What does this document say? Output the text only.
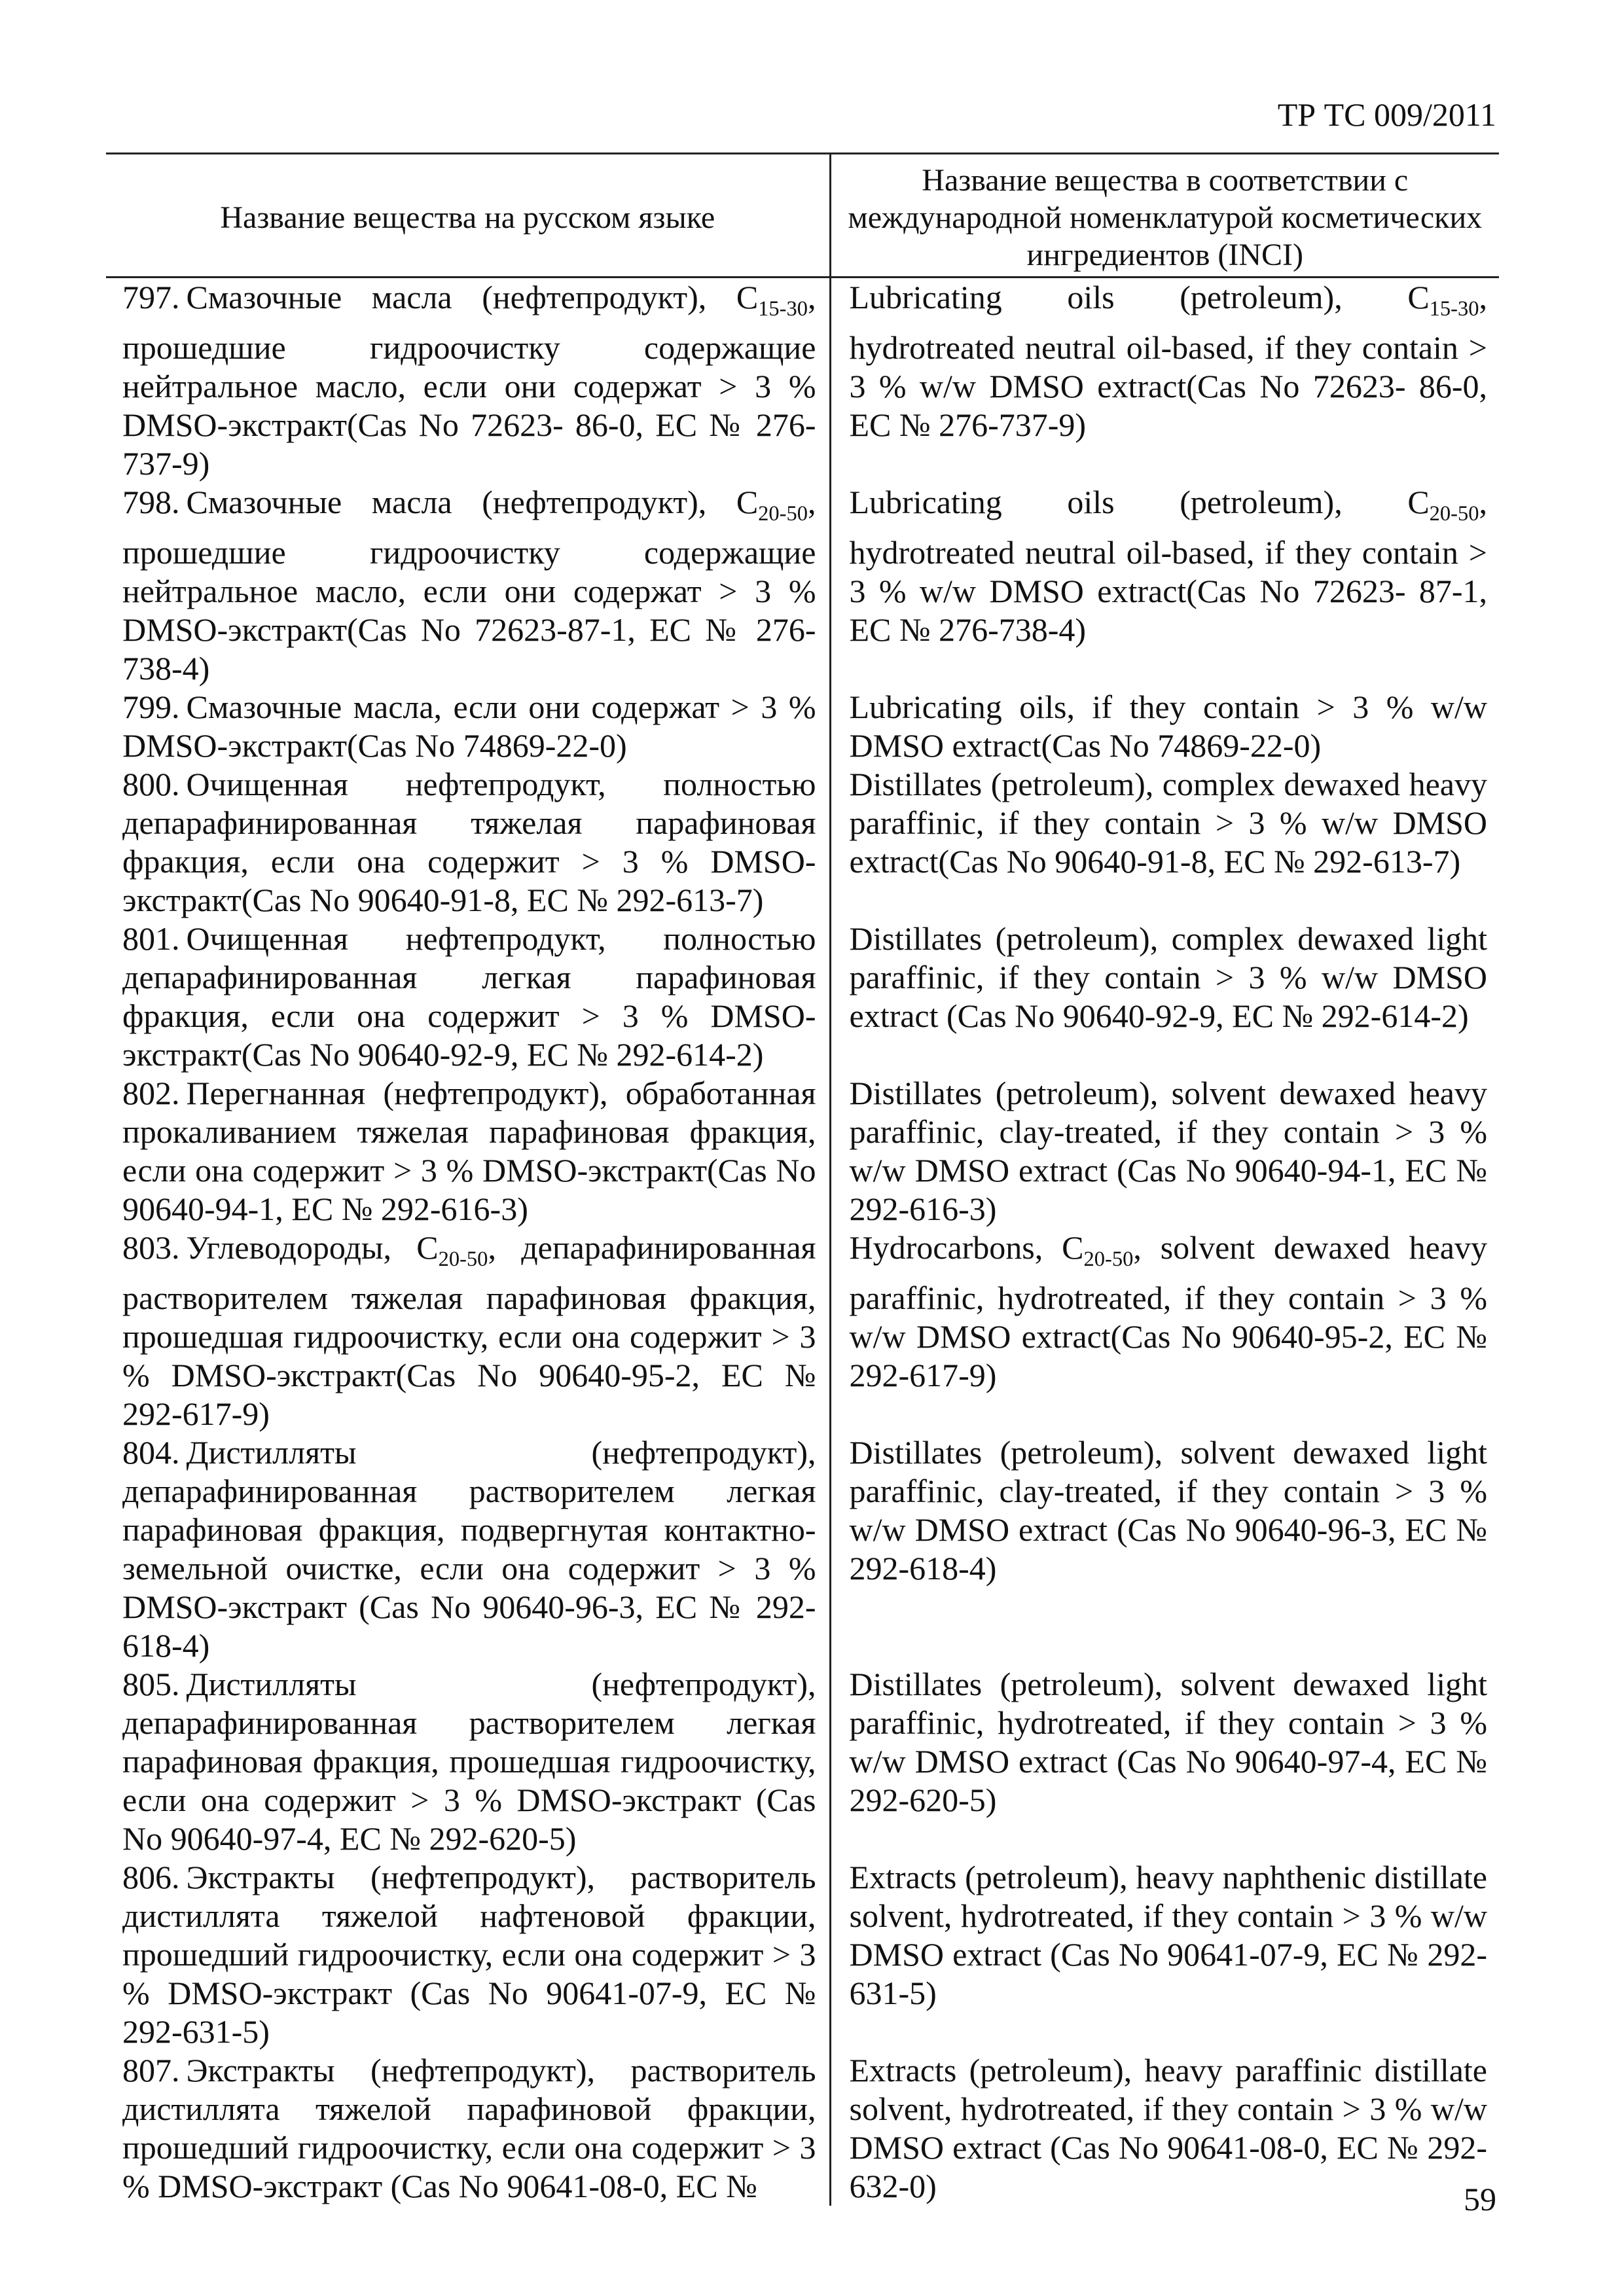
ТР ТС 009/2011
Название вещества на русском языке	Название вещества в соответствии с международной номенклатурой косметических ингредиентов (INCI)
797. Смазочные масла (нефтепродукт), $C_{15-30}$, прошедшие гидроочистку содержащие нейтральное масло, если они содержат > 3 % DMSO-экстракт(Cas No 72623- 86-0, EC № 276-737-9)	Lubricating oils (petroleum), $C_{15-30}$, hydrotreated neutral oil-based, if they contain > 3 % w/w DMSO extract(Cas No 72623- 86-0, EC № 276-737-9)
798. Смазочные масла (нефтепродукт), $C_{20-50}$, прошедшие гидроочистку содержащие нейтральное масло, если они содержат > 3 % DMSO-экстракт(Cas No 72623-87-1, EC № 276-738-4)	Lubricating oils (petroleum), $C_{20-50}$, hydrotreated neutral oil-based, if they contain > 3 % w/w DMSO extract(Cas No 72623- 87-1, EC № 276-738-4)
799. Смазочные масла, если они содержат > 3 % DMSO-экстракт(Cas No 74869-22-0)	Lubricating oils, if they contain > 3 % w/w DMSO extract(Cas No 74869-22-0)
800. Очищенная нефтепродукт, полностью депарафинированная тяжелая парафиновая фракция, если она содержит > 3 % DMSO-экстракт(Cas No 90640-91-8, EC № 292-613-7)	Distillates (petroleum), complex dewaxed heavy paraffinic, if they contain > 3 % w/w DMSO extract(Cas No 90640-91-8, EC № 292-613-7)
801. Очищенная нефтепродукт, полностью депарафинированная легкая парафиновая фракция, если она содержит > 3 % DMSO-экстракт(Cas No 90640-92-9, EC № 292-614-2)	Distillates (petroleum), complex dewaxed light paraffinic, if they contain > 3 % w/w DMSO extract (Cas No 90640-92-9, EC № 292-614-2)
802. Перегнанная (нефтепродукт), обработанная прокаливанием тяжелая парафиновая фракция, если она содержит > 3 % DMSO-экстракт(Cas No 90640-94-1, EC № 292-616-3)	Distillates (petroleum), solvent dewaxed heavy paraffinic, clay-treated, if they contain > 3 % w/w DMSO extract (Cas No 90640-94-1, EC № 292-616-3)
803. Углеводороды, $C_{20-50}$, депарафинированная растворителем тяжелая парафиновая фракция, прошедшая гидроочистку, если она содержит > 3 % DMSO-экстракт(Cas No 90640-95-2, EC № 292-617-9)	Hydrocarbons, $C_{20-50}$, solvent dewaxed heavy paraffinic, hydrotreated, if they contain > 3 % w/w DMSO extract(Cas No 90640-95-2, EC № 292-617-9)
804. Дистилляты (нефтепродукт), депарафинированная растворителем легкая парафиновая фракция, подвергнутая контактно-земельной очистке, если она содержит > 3 % DMSO-экстракт (Cas No 90640-96-3, EC № 292-618-4)	Distillates (petroleum), solvent dewaxed light paraffinic, clay-treated, if they contain > 3 % w/w DMSO extract (Cas No 90640-96-3, EC № 292-618-4)
805. Дистилляты (нефтепродукт), депарафинированная растворителем легкая парафиновая фракция, прошедшая гидроочистку, если она содержит > 3 % DMSO-экстракт (Cas No 90640-97-4, EC № 292-620-5)	Distillates (petroleum), solvent dewaxed light paraffinic, hydrotreated, if they contain > 3 % w/w DMSO extract (Cas No 90640-97-4, EC № 292-620-5)
806. Экстракты (нефтепродукт), растворитель дистиллята тяжелой нафтеновой фракции, прошедший гидроочистку, если она содержит > 3 % DMSO-экстракт (Cas No 90641-07-9, EC № 292-631-5)	Extracts (petroleum), heavy naphthenic distillate solvent, hydrotreated, if they contain > 3 % w/w DMSO extract (Cas No 90641-07-9, EC № 292-631-5)
807. Экстракты (нефтепродукт), растворитель дистиллята тяжелой парафиновой фракции, прошедший гидроочистку, если она содержит > 3 % DMSO-экстракт (Cas No 90641-08-0, EC №	Extracts (petroleum), heavy paraffinic distillate solvent, hydrotreated, if they contain > 3 % w/w DMSO extract (Cas No 90641-08-0, EC № 292-632-0)	59
